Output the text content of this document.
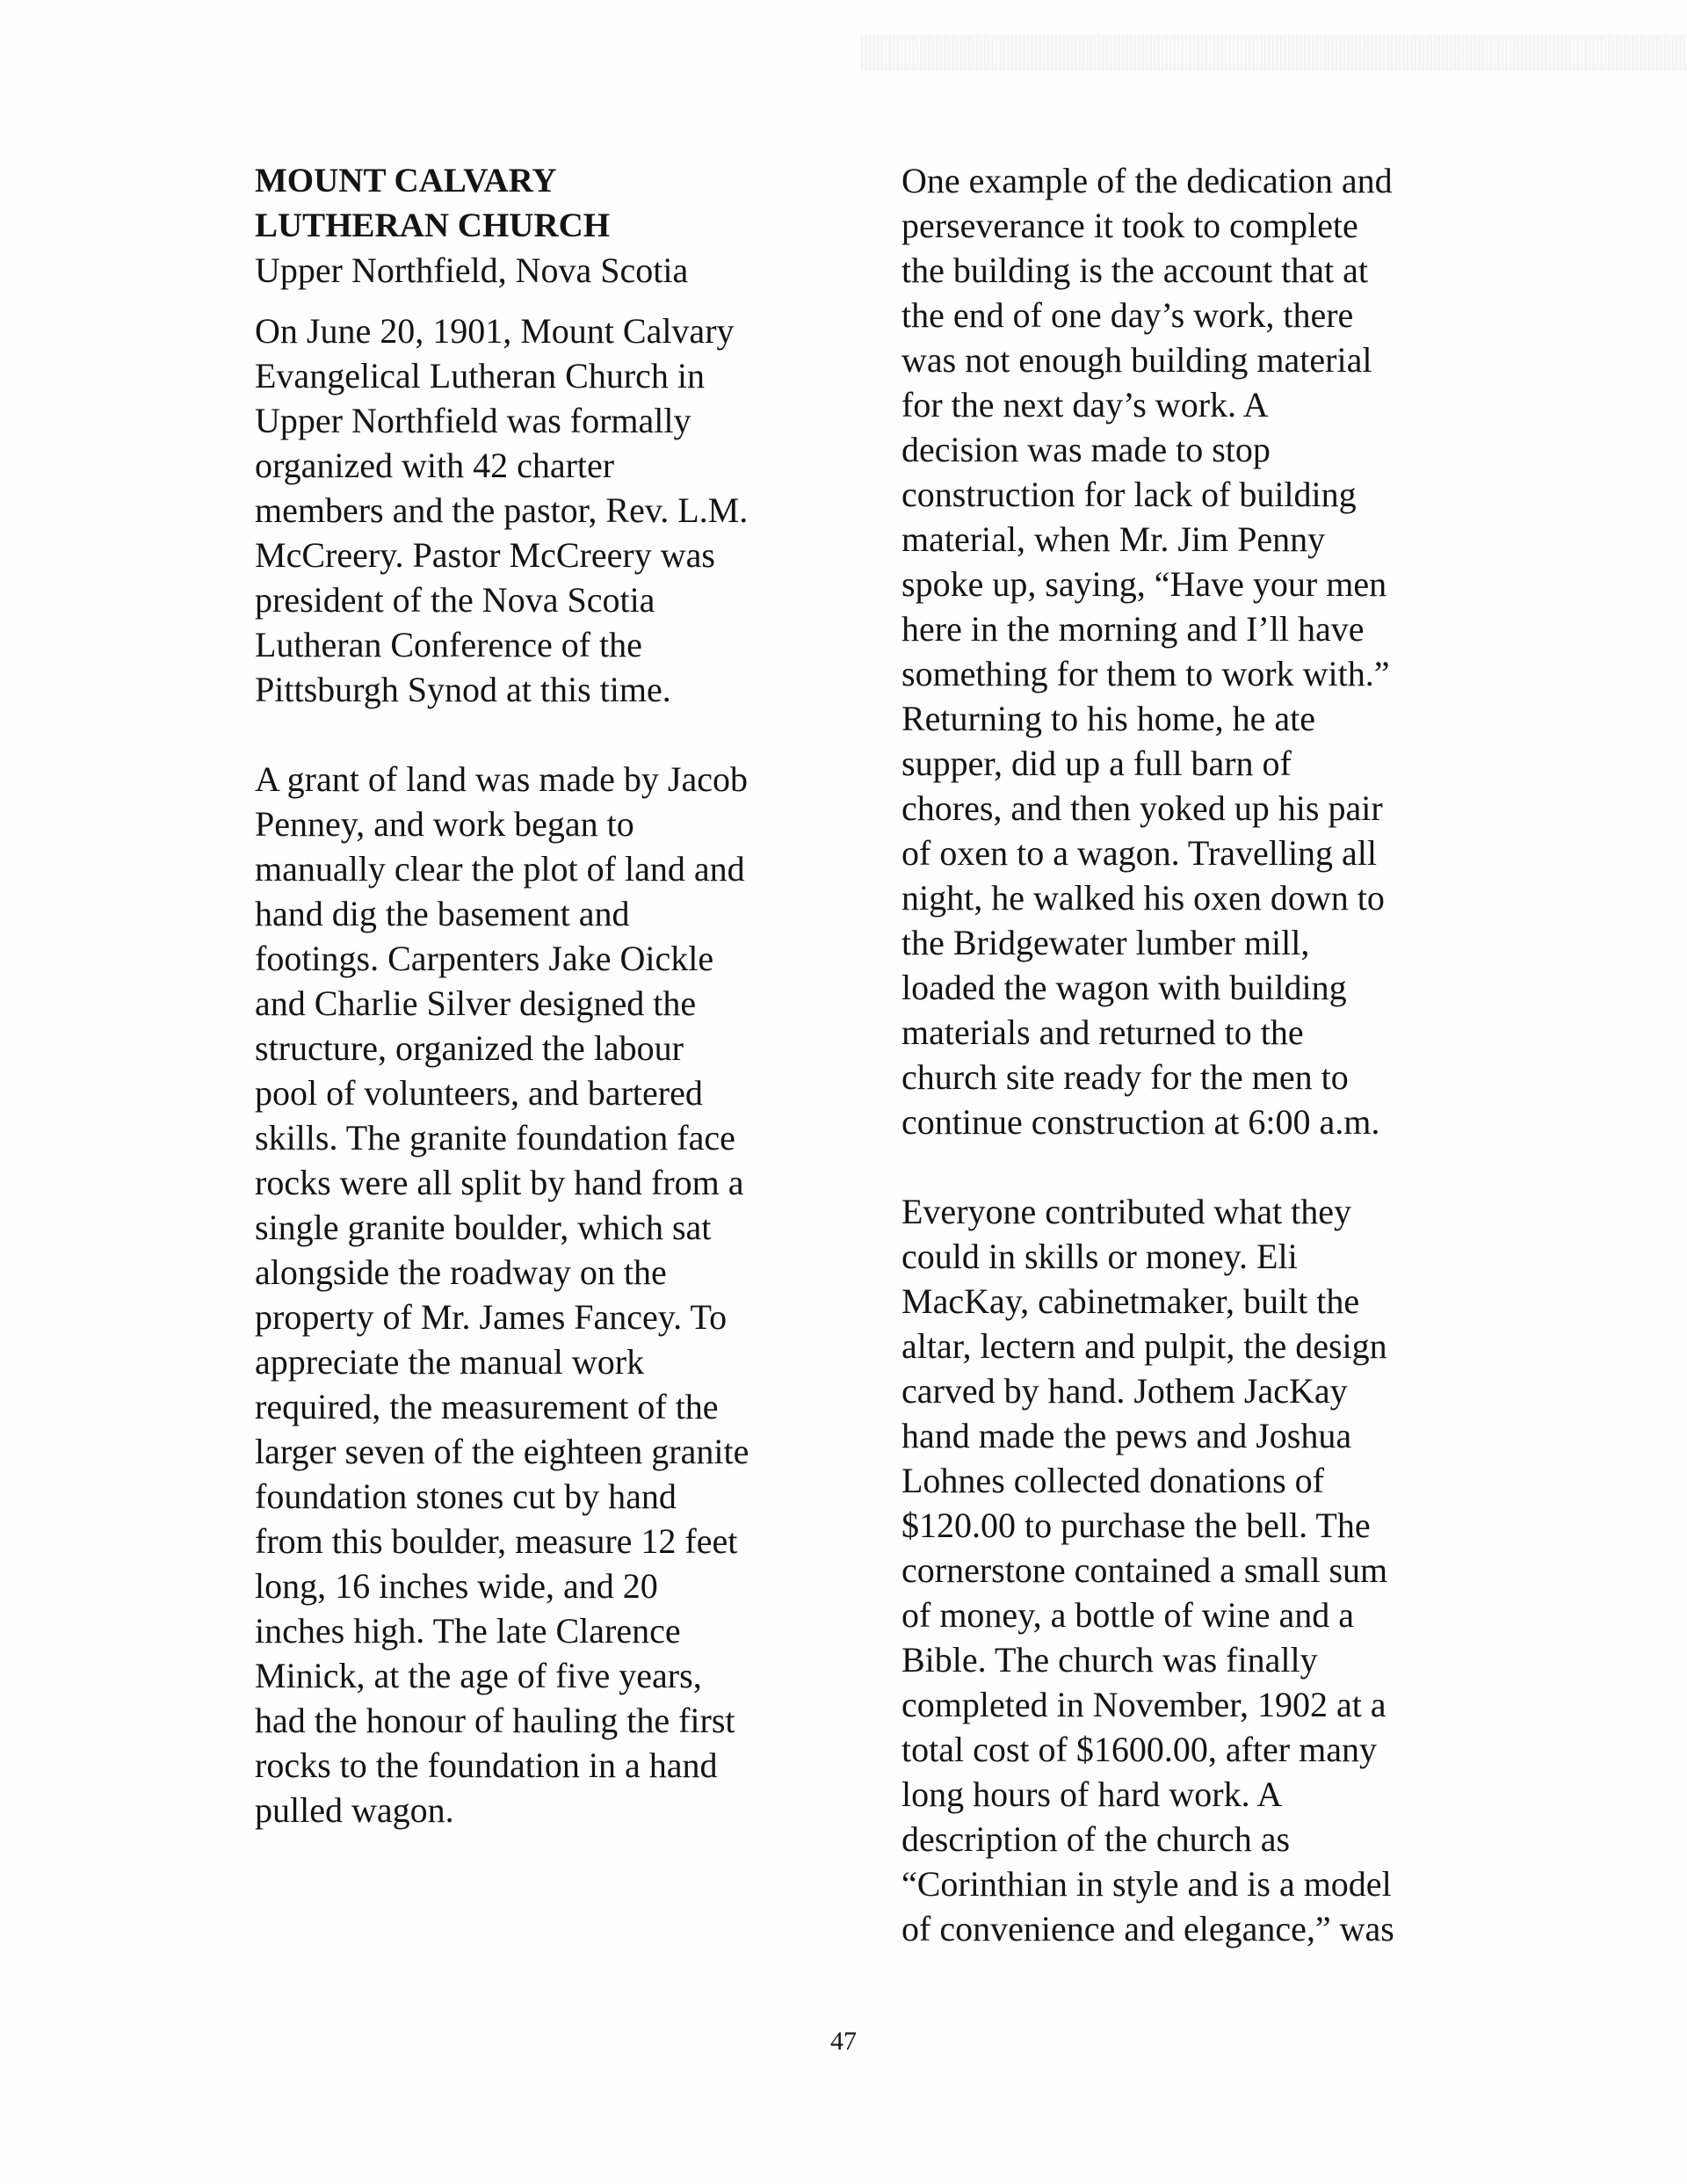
MOUNT CALVARY
LUTHERAN CHURCH

Upper Northfield, Nova Scotia

On June 20, 1901, Mount Calvary
Evangelical Lutheran Church in
Upper Northfield was formally
organized with 42 charter
members and the pastor, Rev. L.M.
McCreery. Pastor McCreery was
president of the Nova Scotia
Lutheran Conference of the
Pittsburgh Synod at this time.

A grant of land was made by Jacob
Penney, and work began to
manually clear the plot of land and
hand dig the basement and
footings. Carpenters Jake Oickle
and Charlie Silver designed the
structure, organized the labour
pool of volunteers, and bartered
skills. The granite foundation face
rocks were all split by hand from a
single granite boulder, which sat
alongside the roadway on the
property of Mr. James Fancey. To
appreciate the manual work
required, the measurement of the
larger seven of the eighteen granite
foundation stones cut by hand
from this boulder, measure 12 feet
long, 16 inches wide, and 20
inches high. The late Clarence
Minick, at the age of five years,
had the honour of hauling the first
rocks to the foundation in a hand
pulled wagon.

One example of the dedication and
perseverance it took to complete
the building is the account that at
the end of one day’s work, there
was not enough building material
for the next day’s work. A
decision was made to stop
construction for lack of building
material, when Mr. Jim Penny
spoke up, saying, “Have your men
here in the morning and I’ll have
something for them to work with.”
Returning to his home, he ate
supper, did up a full barn of
chores, and then yoked up his pair
of oxen to a wagon. Travelling all
night, he walked his oxen down to
the Bridgewater lumber mill,
loaded the wagon with building
materials and returned to the
church site ready for the men to
continue construction at 6:00 a.m.

Everyone contributed what they
could in skills or money. Eli
MacKay, cabinetmaker, built the
altar, lectern and pulpit, the design
carved by hand. Jothem JacKay
hand made the pews and Joshua
Lohnes collected donations of
$120.00 to purchase the bell. The
cornerstone contained a small sum
of money, a bottle of wine and a
Bible. The church was finally
completed in November, 1902 at a
total cost of $1600.00, after many
long hours of hard work. A
description of the church as
“Corinthian in style and is a model
of convenience and elegance,” was

47
